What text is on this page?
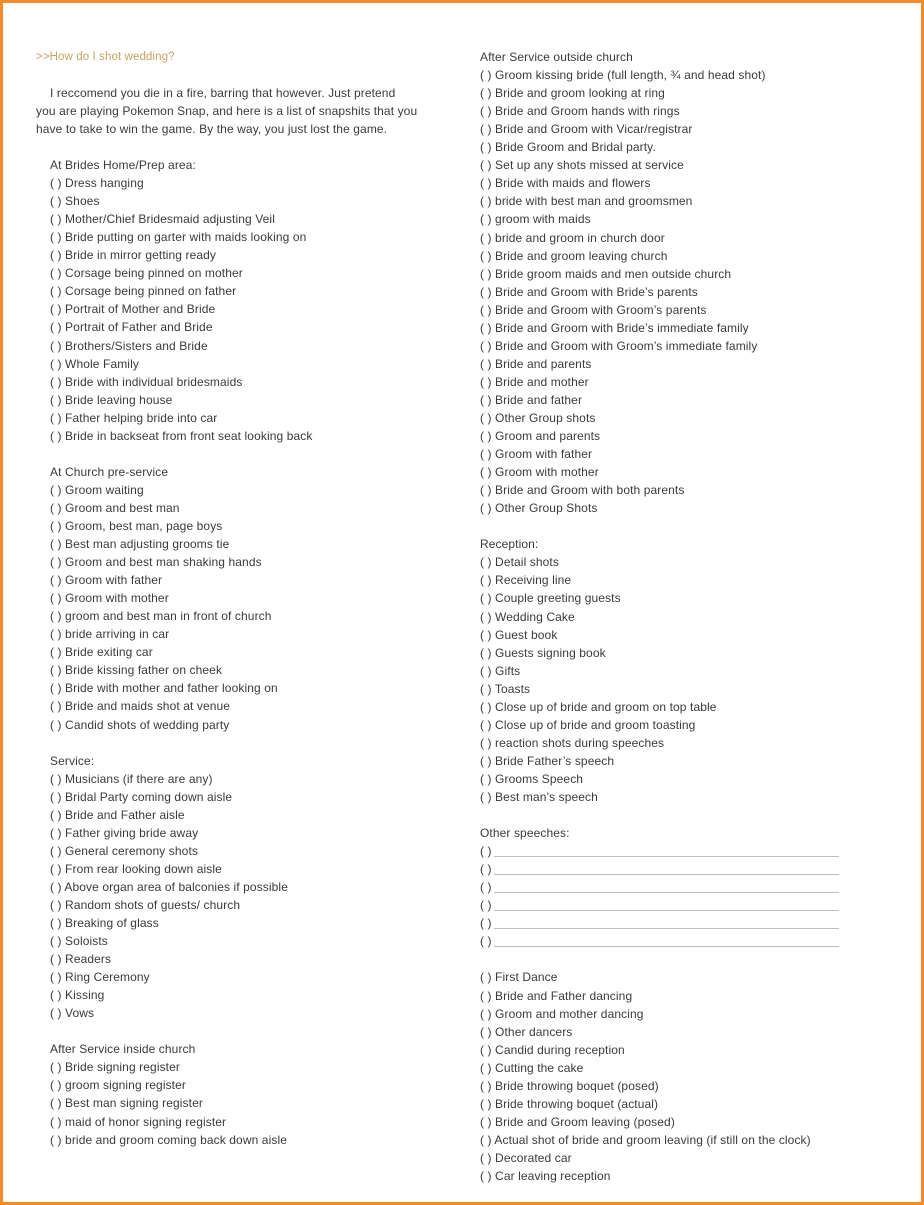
>>How do I shot wedding?
I reccomend you die in a fire, barring that however. Just pretend
you are playing Pokemon Snap, and here is a list of snapshits that you
have to take to win the game. By the way, you just lost the game.
At Brides Home/Prep area:
( ) Dress hanging
( ) Shoes
( ) Mother/Chief Bridesmaid adjusting Veil
( ) Bride putting on garter with maids looking on
( ) Bride in mirror getting ready
( ) Corsage being pinned on mother
( ) Corsage being pinned on father
( ) Portrait of Mother and Bride
( ) Portrait of Father and Bride
( ) Brothers/Sisters and Bride
( ) Whole Family
( ) Bride with individual bridesmaids
( ) Bride leaving house
( ) Father helping bride into car
( ) Bride in backseat from front seat looking back
At Church pre-service
( ) Groom waiting
( ) Groom and best man
( ) Groom, best man, page boys
( ) Best man adjusting grooms tie
( ) Groom and best man shaking hands
( ) Groom with father
( ) Groom with mother
( ) groom and best man in front of church
( ) bride arriving in car
( ) Bride exiting car
( ) Bride kissing father on cheek
( ) Bride with mother and father looking on
( ) Bride and maids shot at venue
( ) Candid shots of wedding party
Service:
( ) Musicians (if there are any)
( ) Bridal Party coming down aisle
( ) Bride and Father aisle
( ) Father giving bride away
( ) General ceremony shots
( ) From rear looking down aisle
( ) Above organ area of balconies if possible
( ) Random shots of guests/ church
( ) Breaking of glass
( ) Soloists
( ) Readers
( ) Ring Ceremony
( ) Kissing
( ) Vows
After Service inside church
( ) Bride signing register
( ) groom signing register
( ) Best man signing register
( ) maid of honor signing register
( ) bride and groom coming back down aisle
After Service outside church
( ) Groom kissing bride (full length, ¾ and head shot)
( ) Bride and groom looking at ring
( ) Bride and Groom hands with rings
( ) Bride and Groom with Vicar/registrar
( ) Bride Groom and Bridal party.
( ) Set up any shots missed at service
( ) Bride with maids and flowers
( ) bride with best man and groomsmen
( ) groom with maids
( ) bride and groom in church door
( ) Bride and groom leaving church
( ) Bride groom maids and men outside church
( ) Bride and Groom with Bride’s parents
( ) Bride and Groom with Groom’s parents
( ) Bride and Groom with Bride’s immediate family
( ) Bride and Groom with Groom’s immediate family
( ) Bride and parents
( ) Bride and mother
( ) Bride and father
( ) Other Group shots
( ) Groom and parents
( ) Groom with father
( ) Groom with mother
( ) Bride and Groom with both parents
( ) Other Group Shots
Reception:
( ) Detail shots
( ) Receiving line
( ) Couple greeting guests
( ) Wedding Cake
( ) Guest book
( ) Guests signing book
( ) Gifts
( ) Toasts
( ) Close up of bride and groom on top table
( ) Close up of bride and groom toasting
( ) reaction shots during speeches
( ) Bride Father’s speech
( ) Grooms Speech
( ) Best man’s speech
Other speeches:
( )
( )
( )
( )
( )
( )
( ) First Dance
( ) Bride and Father dancing
( ) Groom and mother dancing
( ) Other dancers
( ) Candid during reception
( ) Cutting the cake
( ) Bride throwing boquet (posed)
( ) Bride throwing boquet (actual)
( ) Bride and Groom leaving (posed)
( ) Actual shot of bride and groom leaving (if still on the clock)
( ) Decorated car
( ) Car leaving reception
